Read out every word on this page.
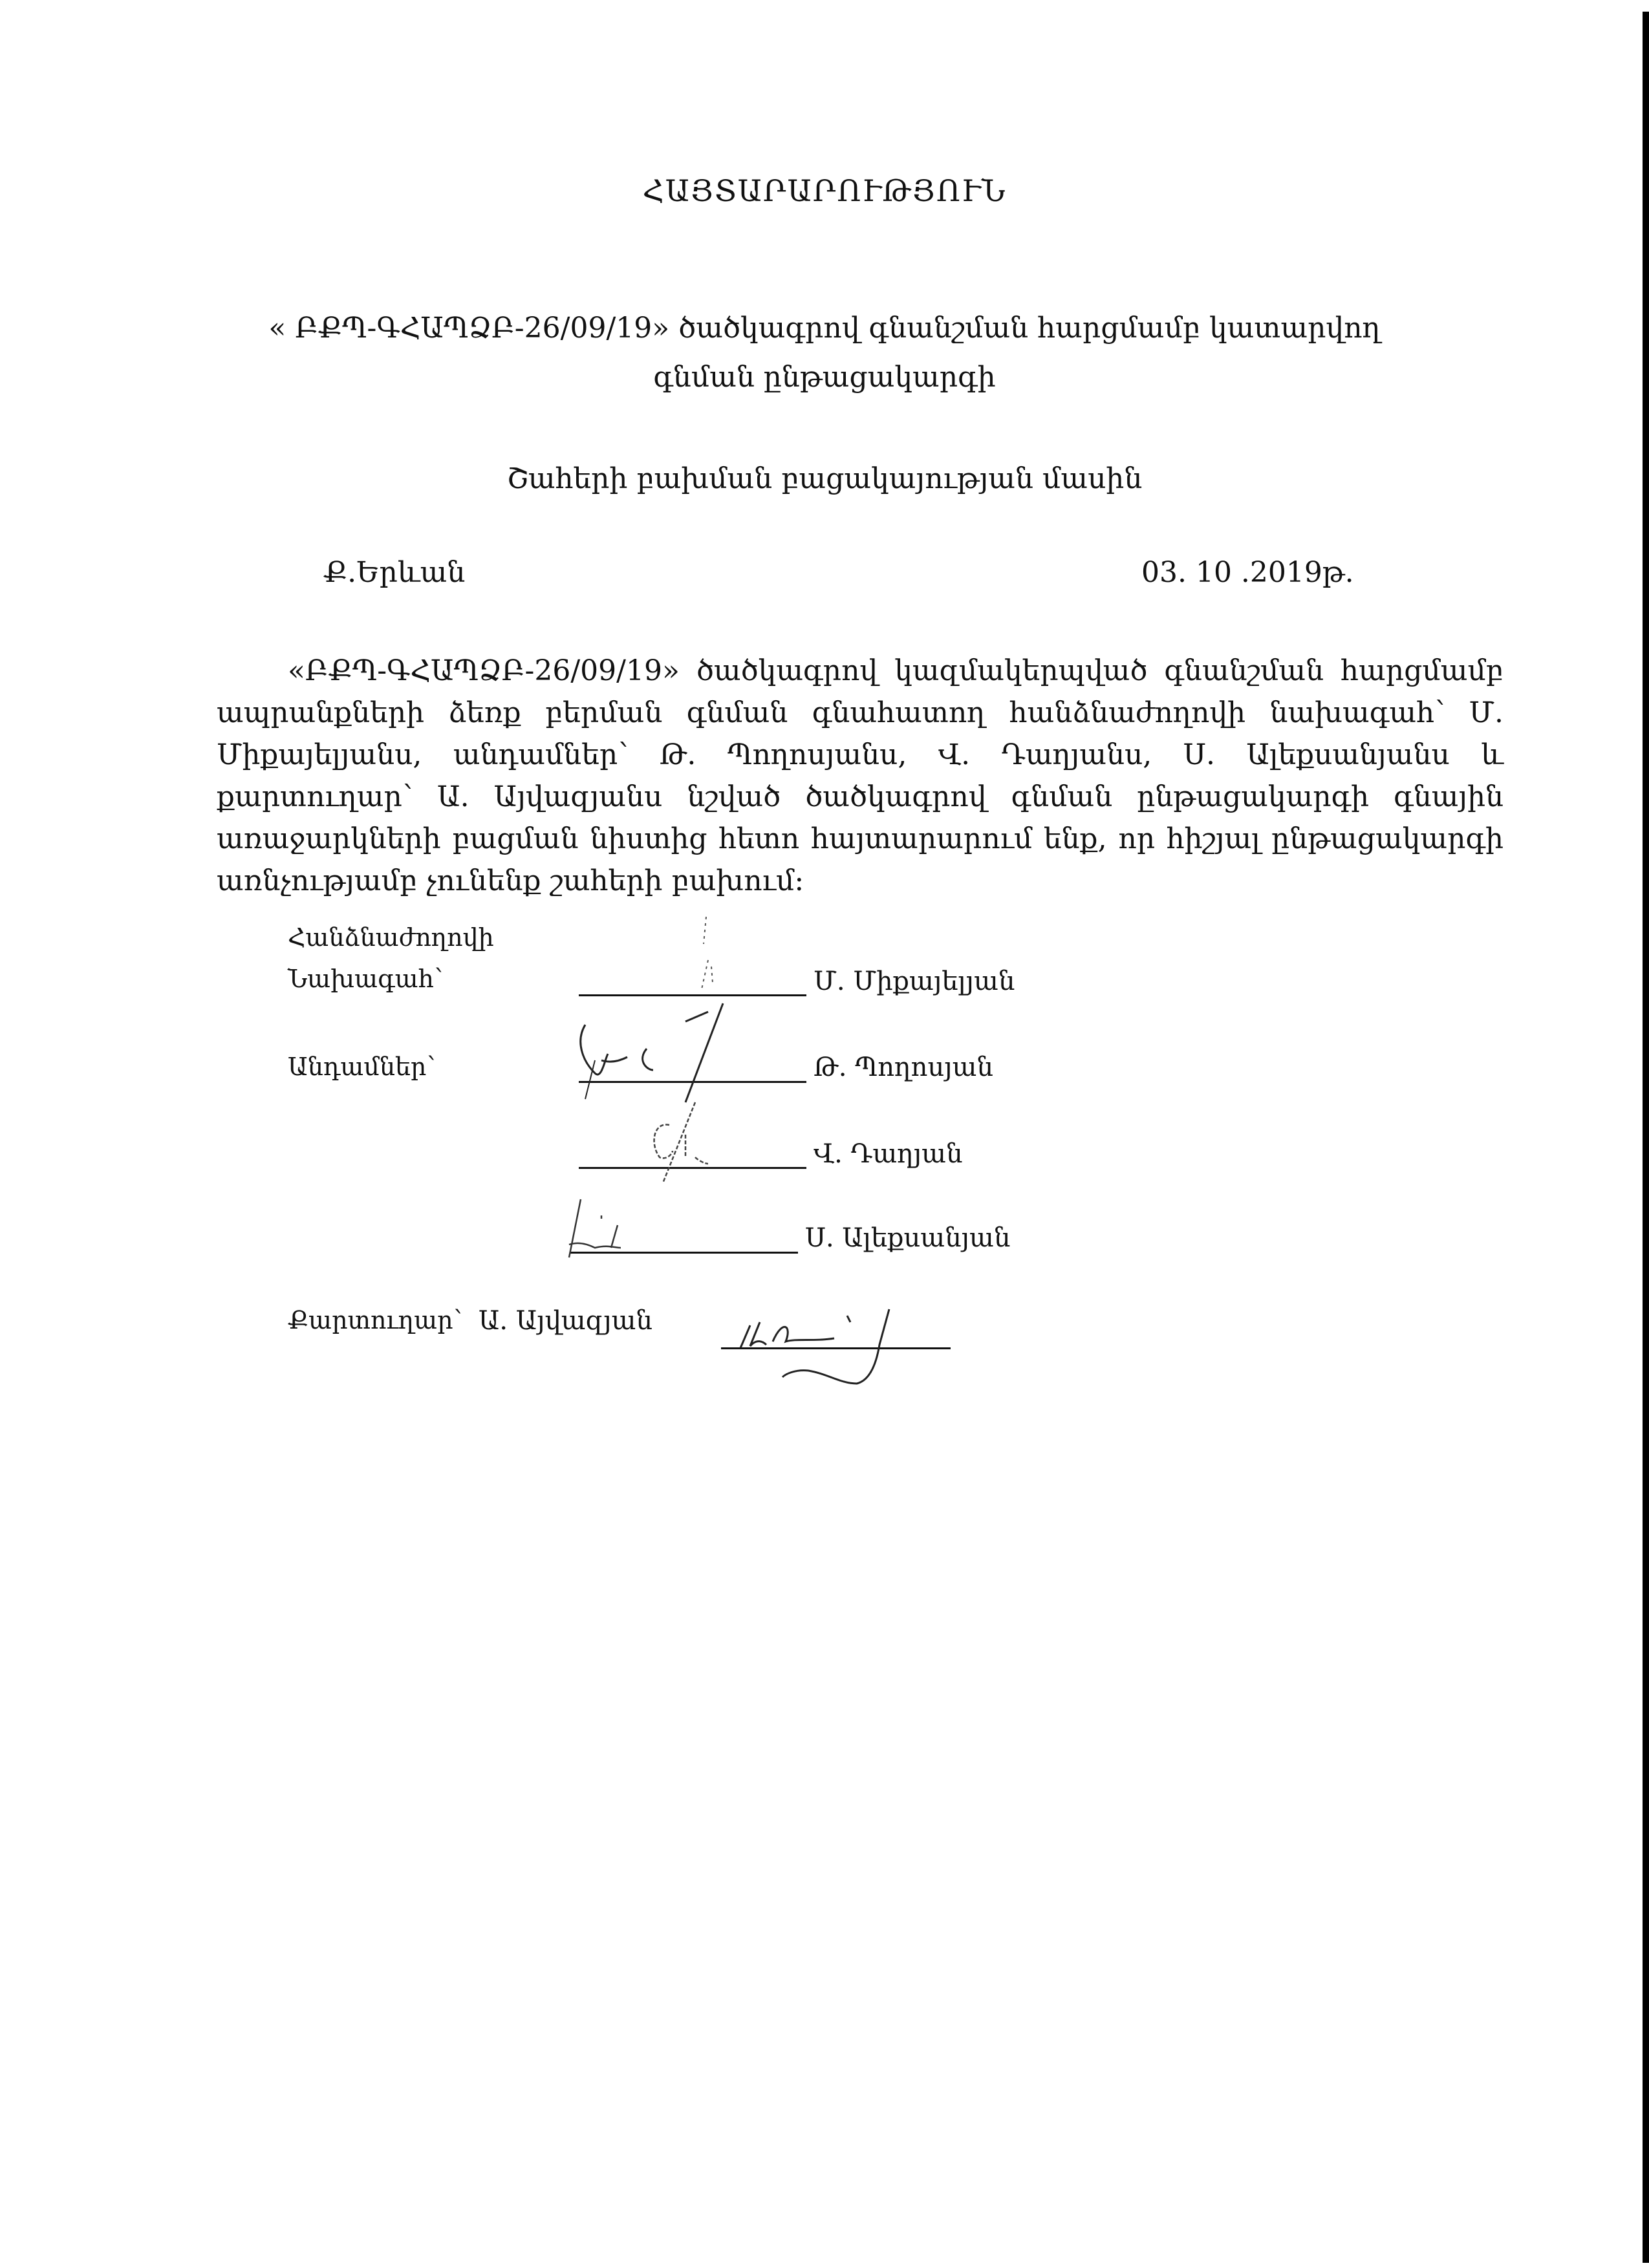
ՀԱՅՏԱՐԱՐՈՒԹՅՈՒՆ
« ԲՔՊ-ԳՀԱՊՁԲ-26/09/19» ծածկագրով գնանշման հարցմամբ կատարվող
գնման ընթացակարգի
Շահերի բախման բացակայության մասին
Ք.Երևան	03. 10 .2019թ.
«ԲՔՊ-ԳՀԱՊՁԲ-26/09/19» ծածկագրով կազմակերպված գնանշման հարցմամբ ապրանքների ձեռք բերման գնման գնահատող հանձնաժողովի նախագահ՝ Մ. Միքայելյանս, անդամներ՝ Թ. Պողոսյանս, Վ. Դաղյանս, Ս. Ալեքսանյանս և քարտուղար՝ Ա. Այվազյանս նշված ծածկագրով գնման ընթացակարգի գնային առաջարկների բացման նիստից հետո հայտարարում ենք, որ հիշյալ ընթացակարգի առնչությամբ չունենք շահերի բախում:
Հանձնաժողովի
Նախագահ՝	Մ. Միքայելյան
Անդամներ՝	Թ. Պողոսյան
Վ. Դաղյան
Ս. Ալեքսանյան
Քարտուղար՝ Ա. Այվազյան
